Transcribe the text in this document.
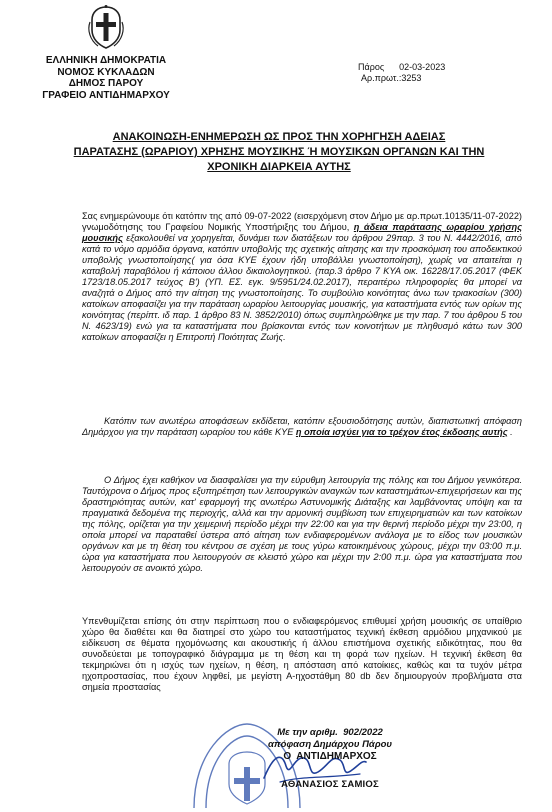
ΕΛΛΗΝΙΚΗ ΔΗΜΟΚΡΑΤΙΑ
ΝΟΜΟΣ ΚΥΚΛΑΔΩΝ
ΔΗΜΟΣ ΠΑΡΟΥ
ΓΡΑΦΕΙΟ ΑΝΤΙΔΗΜΑΡΧΟΥ
Πάρος      02-03-2023
Αρ.πρωτ.:3253
ΑΝΑΚΟΙΝΩΣΗ-ΕΝΗΜΕΡΩΣΗ ΩΣ ΠΡΟΣ ΤΗΝ ΧΟΡΗΓΗΣΗ ΑΔΕΙΑΣ
ΠΑΡΑΤΑΣΗΣ (ΩΡΑΡΙΟΥ) ΧΡΗΣΗΣ ΜΟΥΣΙΚΗΣ Ή ΜΟΥΣΙΚΩΝ ΟΡΓΑΝΩΝ ΚΑΙ ΤΗΝ
ΧΡΟΝΙΚΗ ΔΙΑΡΚΕΙΑ ΑΥΤΗΣ

Σας ενημερώνουμε ότι κατόπιν της από 09-07-2022 (εισερχόμενη στον Δήμο με αρ.πρωτ.10135/11-07-2022) γνωμοδότησης του Γραφείου Νομικής Υποστήριξης του Δήμου, η άδεια παράτασης ωραρίου χρήσης μουσικής εξακολουθεί να χορηγείται, δυνάμει των διατάξεων του άρθρου 29παρ. 3 του Ν. 4442/2016, από κατά το νόμο αρμόδια όργανα, κατόπιν υποβολής της σχετικής αίτησης και την προσκόμιση του αποδεικτικού υποβολής γνωστοποίησης( για όσα ΚΥΕ έχουν ήδη υποβάλλει γνωστοποίηση), χωρίς να απαιτείται η καταβολή παραβόλου ή κάποιου άλλου δικαιολογητικού. (παρ.3 άρθρο 7 ΚΥΑ οικ. 16228/17.05.2017 (ΦΕΚ 1723/18.05.2017 τεύχος Β') (ΥΠ. ΕΣ. εγκ. 9/5951/24.02.2017), περαιτέρω πληροφορίες θα μπορεί να αναζητά ο Δήμος από την αίτηση της γνωστοποίησης. Το συμβούλιο κοινότητας άνω των τριακοσίων (300) κατοίκων αποφασίζει για την παράταση ωραρίου λειτουργίας μουσικής, για καταστήματα εντός των ορίων της κοινότητας (περίπτ. ιδ παρ. 1 άρθρο 83 Ν. 3852/2010) όπως συμπληρώθηκε με την παρ. 7 του άρθρου 5 του Ν. 4623/19) ενώ για τα καταστήματα που βρίσκονται εντός των κοινοτήτων με πληθυσμό κάτω των 300 κατοίκων αποφασίζει η Επιτροπή Ποιότητας Ζωής.

Κατόπιν των ανωτέρω αποφάσεων εκδίδεται, κατόπιν εξουσιοδότησης αυτών, διαπιστωτική απόφαση Δημάρχου για την παράταση ωραρίου του κάθε ΚΥΕ η οποία ισχύει για το τρέχον έτος έκδοσης αυτής .

Ο Δήμος έχει καθήκον να διασφαλίσει για την εύρυθμη λειτουργία της πόλης και του Δήμου γενικότερα. Ταυτόχρονα ο Δήμος προς εξυπηρέτηση των λειτουργικών αναγκών των καταστημάτων-επιχειρήσεων και της δραστηριότητας αυτών, κατ' εφαρμογή της ανωτέρω Αστυνομικής Διάταξης και λαμβάνοντας υπόψη και τα πραγματικά δεδομένα της περιοχής, αλλά και την αρμονική συμβίωση των επιχειρηματιών και των κατοίκων της πόλης, ορίζεται για την χειμερινή περίοδο μέχρι την 22:00 και για την θερινή περίοδο μέχρι την 23:00, η οποία μπορεί να παραταθεί ύστερα από αίτηση των ενδιαφερομένων ανάλογα με το είδος των μουσικών οργάνων και με τη θέση του κέντρου σε σχέση με τους γύρω κατοικημένους χώρους, μέχρι την 03:00 π.μ. ώρα για καταστήματα που λειτουργούν σε κλειστό χώρο και μέχρι την 2:00 π.μ. ώρα για καταστήματα που λειτουργούν σε ανοικτό χώρο.

Υπενθυμίζεται επίσης ότι στην περίπτωση που ο ενδιαφερόμενος επιθυμεί χρήση μουσικής σε υπαίθριο χώρο θα διαθέτει και θα διατηρεί στο χώρο του καταστήματος τεχνική έκθεση αρμόδιου μηχανικού με ειδίκευση σε θέματα ηχομόνωσης και ακουστικής ή άλλου επιστήμονα σχετικής ειδικότητας, που θα συνοδεύεται με τοπογραφικό διάγραμμα με τη θέση και τη φορά των ηχείων. Η τεχνική έκθεση θα τεκμηριώνει ότι η ισχύς των ηχείων, η θέση, η απόσταση από κατοίκιες, καθώς και τα τυχόν μέτρα ηχοπροστασίας, που έχουν ληφθεί, με μεγίστη Α-ηχοστάθμη 80 db δεν δημιουργούν προβλήματα στα σημεία προστασίας

Με την αριθμ.  902/2022
απόφαση Δημάρχου Πάρου
Ο  ΑΝΤΙΔΗΜΑΡΧΟΣ
ΑΘΑΝΑΣΙΟΣ ΣΑΜΙΟΣ
